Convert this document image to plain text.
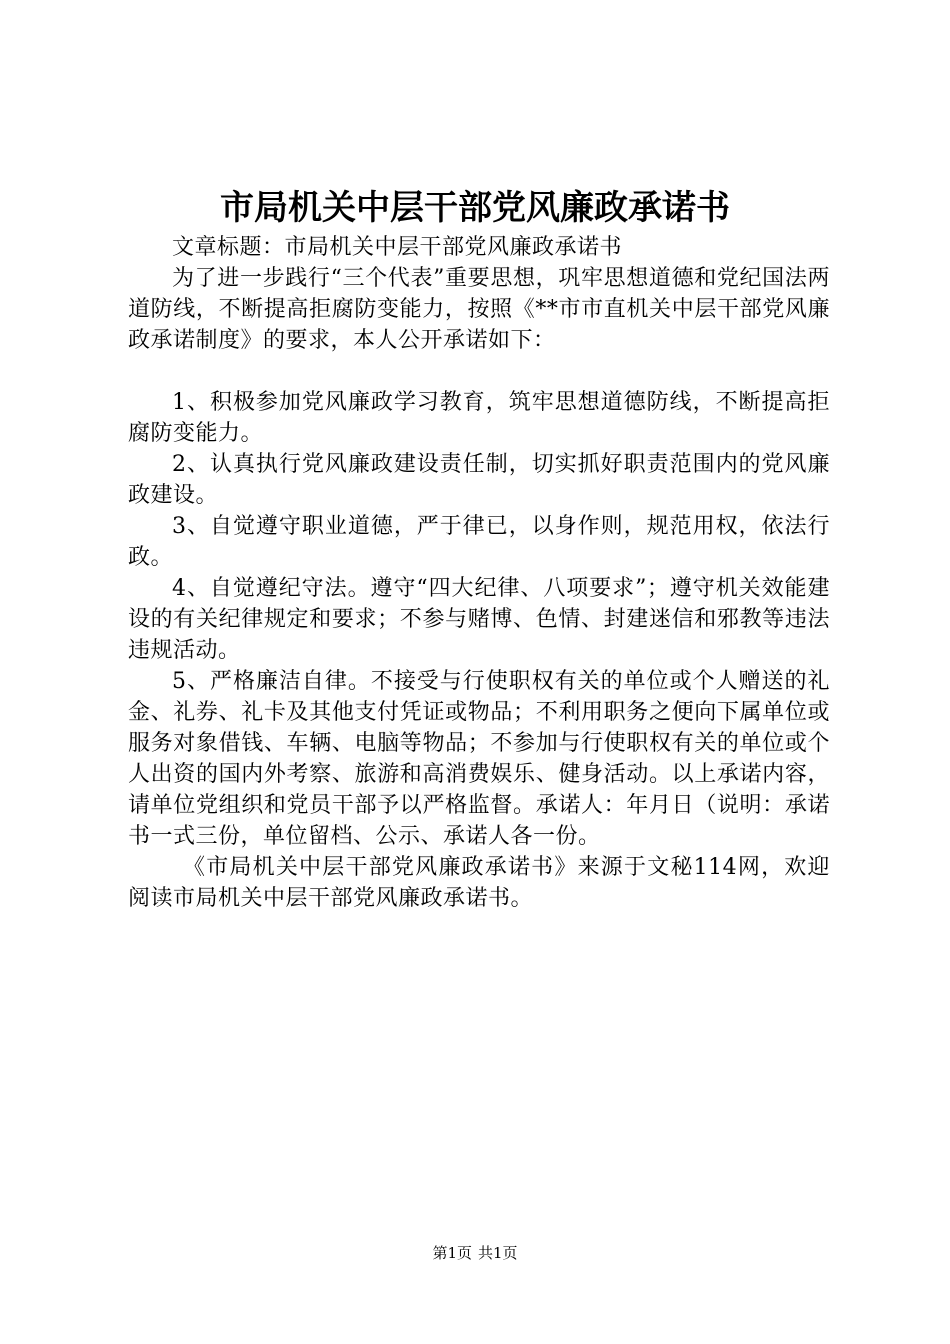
市局机关中层干部党风廉政承诺书

文章标题：市局机关中层干部党风廉政承诺书

为了进一步践行“三个代表”重要思想，巩牢思想道德和党纪国法两道防线，不断提高拒腐防变能力，按照《**市市直机关中层干部党风廉政承诺制度》的要求，本人公开承诺如下：

1、积极参加党风廉政学习教育，筑牢思想道德防线，不断提高拒腐防变能力。

2、认真执行党风廉政建设责任制，切实抓好职责范围内的党风廉政建设。

3、自觉遵守职业道德，严于律已，以身作则，规范用权，依法行政。

4、自觉遵纪守法。遵守“四大纪律、八项要求”；遵守机关效能建设的有关纪律规定和要求；不参与赌博、色情、封建迷信和邪教等违法违规活动。

5、严格廉洁自律。不接受与行使职权有关的单位或个人赠送的礼金、礼券、礼卡及其他支付凭证或物品；不利用职务之便向下属单位或服务对象借钱、车辆、电脑等物品；不参加与行使职权有关的单位或个人出资的国内外考察、旅游和高消费娱乐、健身活动。以上承诺内容，请单位党组织和党员干部予以严格监督。承诺人：年月日（说明：承诺书一式三份，单位留档、公示、承诺人各一份。

《市局机关中层干部党风廉政承诺书》来源于文秘114网，欢迎阅读市局机关中层干部党风廉政承诺书。

第1页 共1页
